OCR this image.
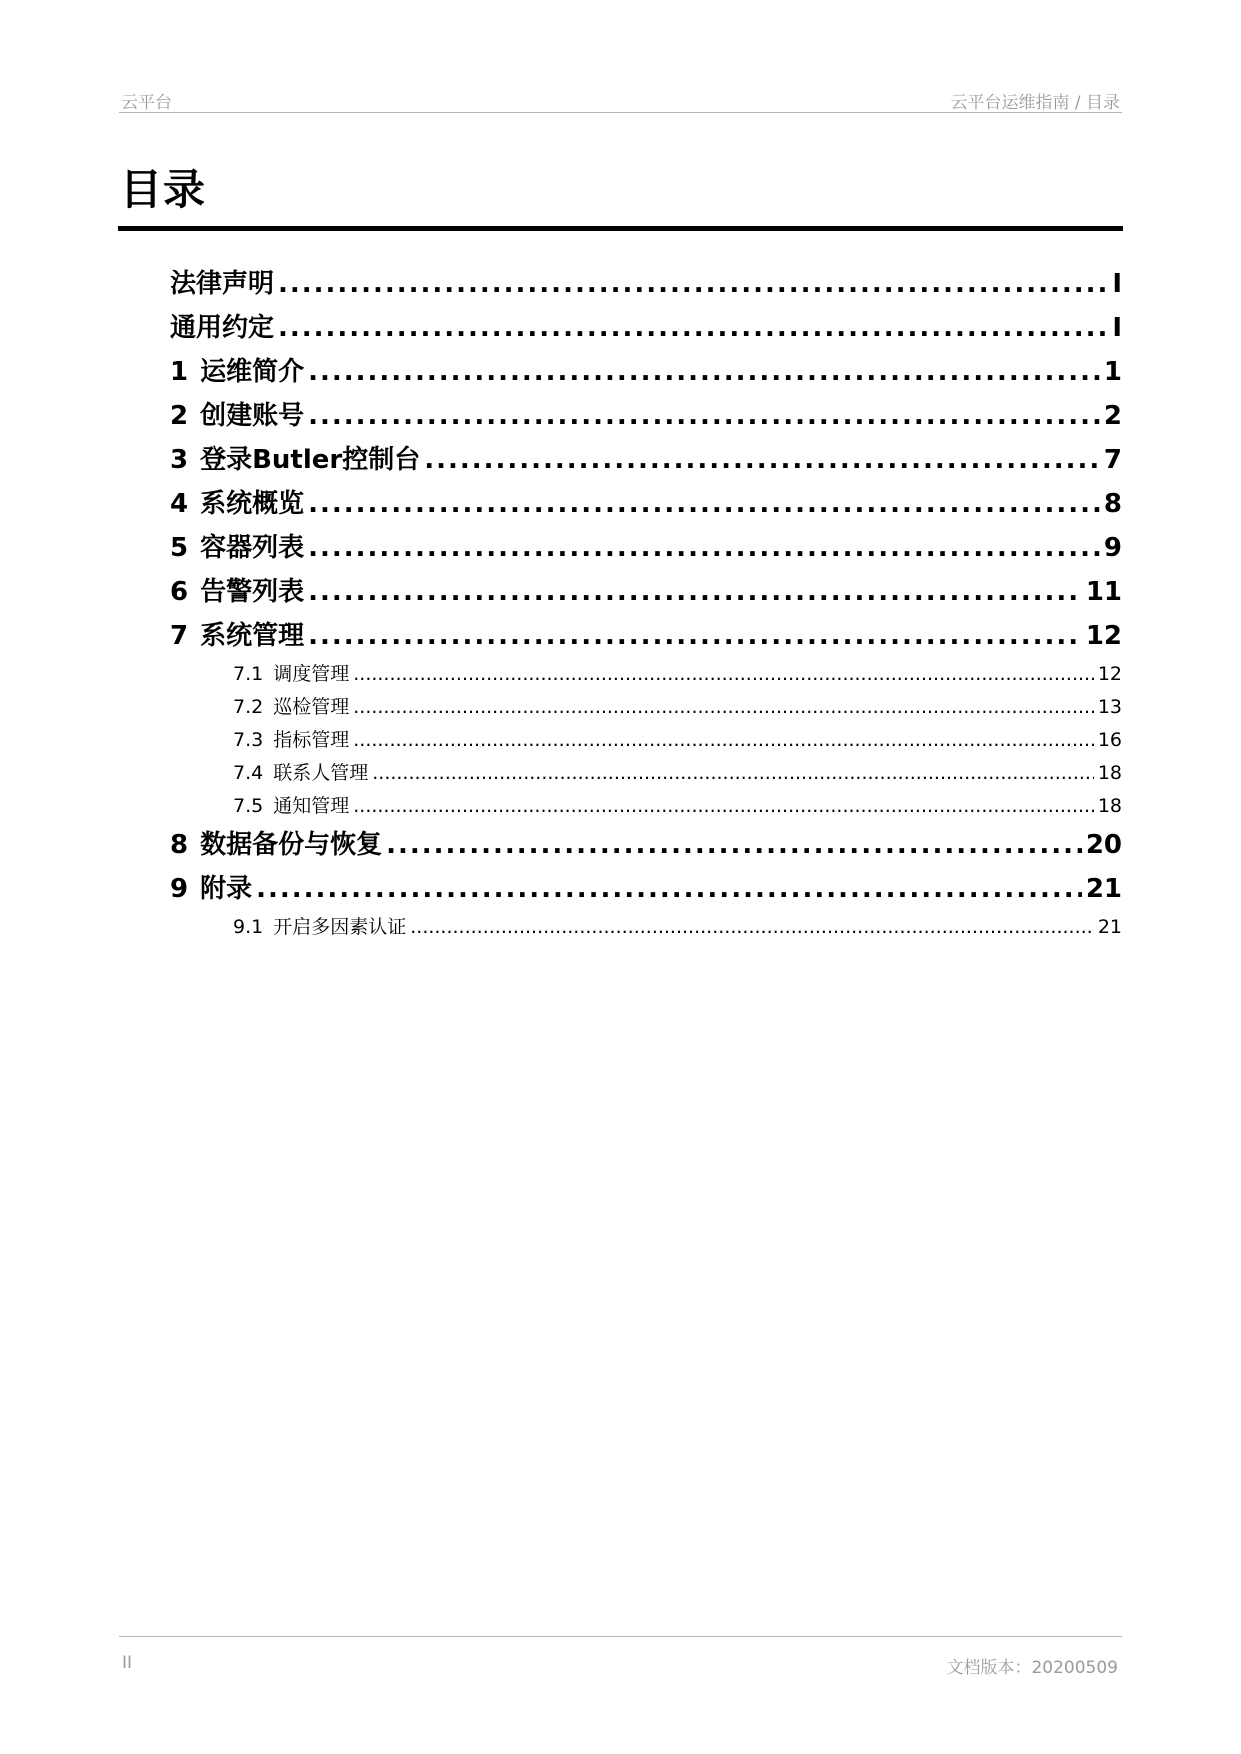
云平台	云平台运维指南 / 目录
目录
法律声明 .....	I
通用约定 .....	I
1 运维简介 .....	1
2 创建账号 .....	2
3 登录Butler控制台 .....	7
4 系统概览 .....	8
5 容器列表 .....	9
6 告警列表 .....	11
7 系统管理 .....	12
7.1 调度管理 .....	12
7.2 巡检管理 .....	13
7.3 指标管理 .....	16
7.4 联系人管理 .....	18
7.5 通知管理 .....	18
8 数据备份与恢复 .....	20
9 附录 .....	21
9.1 开启多因素认证 .....	21
II	文档版本：20200509
